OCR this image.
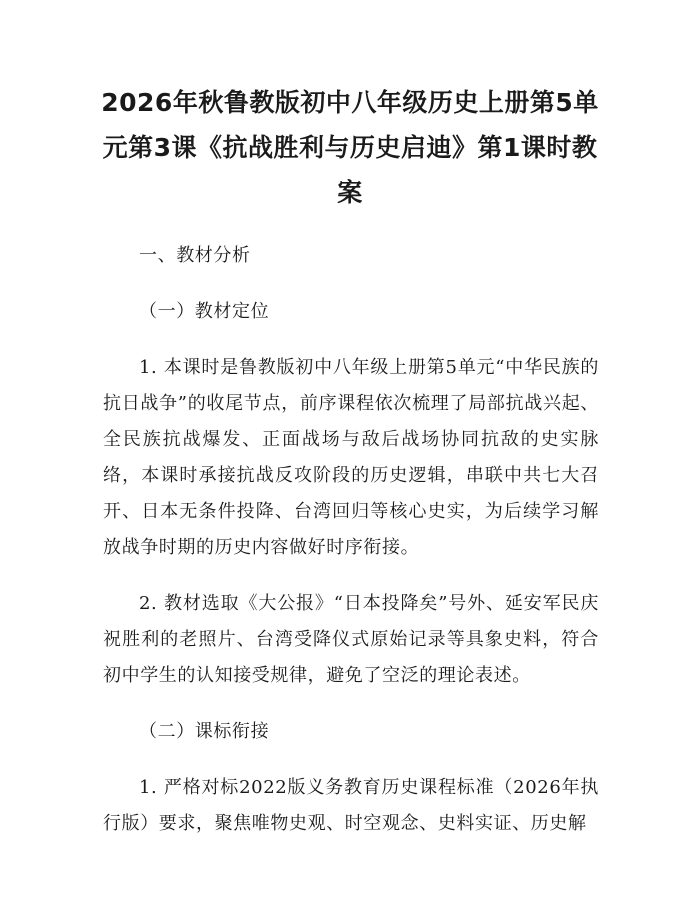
2026年秋鲁教版初中八年级历史上册第5单元第3课《抗战胜利与历史启迪》第1课时教案

一、教材分析

（一）教材定位

1. 本课时是鲁教版初中八年级上册第5单元“中华民族的抗日战争”的收尾节点，前序课程依次梳理了局部抗战兴起、全民族抗战爆发、正面战场与敌后战场协同抗敌的史实脉络，本课时承接抗战反攻阶段的历史逻辑，串联中共七大召开、日本无条件投降、台湾回归等核心史实，为后续学习解放战争时期的历史内容做好时序衔接。

2. 教材选取《大公报》“日本投降矣”号外、延安军民庆祝胜利的老照片、台湾受降仪式原始记录等具象史料，符合初中学生的认知接受规律，避免了空泛的理论表述。

（二）课标衔接

1. 严格对标2022版义务教育历史课程标准（2026年执行版）要求，聚焦唯物史观、时空观念、史料实证、历史解
